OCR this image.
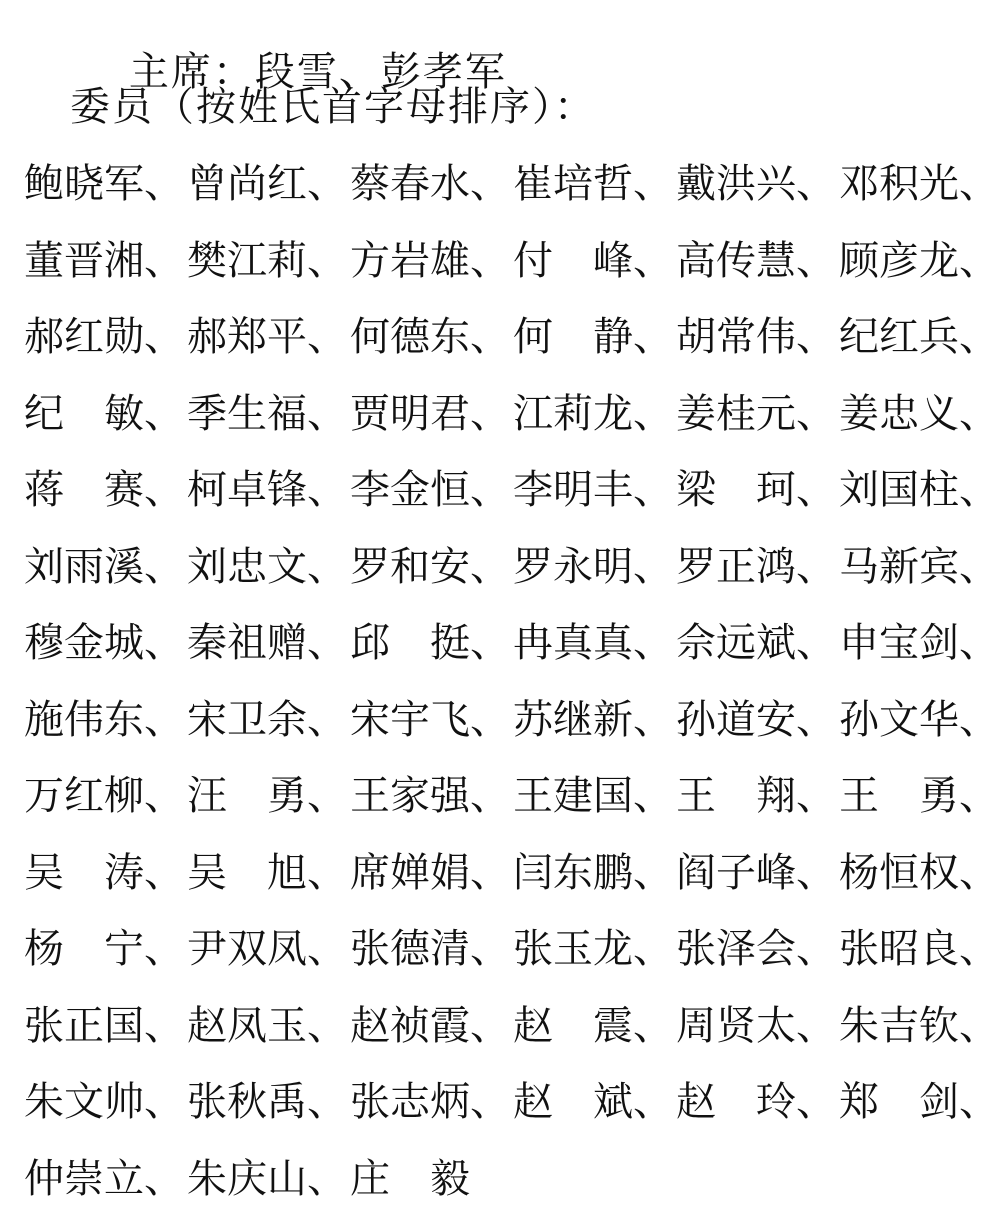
主席：段雪、彭孝军

委员（按姓氏首字母排序）：
鲍晓军 、 曾尚红 、 蔡春水 、 崔培哲 、 戴洪兴 、 邓积光 、
董晋湘 、 樊江莉 、 方岩雄 、 付　峰 、 高传慧 、 顾彦龙 、
郝红勋 、 郝郑平 、 何德东 、 何　静 、 胡常伟 、 纪红兵 、
纪　敏 、 季生福 、 贾明君 、 江莉龙 、 姜桂元 、 姜忠义 、
蒋　赛 、 柯卓锋 、 李金恒 、 李明丰 、 梁　珂 、 刘国柱 、
刘雨溪 、 刘忠文 、 罗和安 、 罗永明 、 罗正鸿 、 马新宾 、
穆金城 、 秦祖赠 、 邱　挺 、 冉真真 、 佘远斌 、 申宝剑 、
施伟东 、 宋卫余 、 宋宇飞 、 苏继新 、 孙道安 、 孙文华 、
万红柳 、 汪　勇 、 王家强 、 王建国 、 王　翔 、 王　勇 、
吴　涛 、 吴　旭 、 席婵娟 、 闫东鹏 、 阎子峰 、 杨恒权 、
杨　宁 、 尹双凤 、 张德清 、 张玉龙 、 张泽会 、 张昭良 、
张正国 、 赵凤玉 、 赵祯霞 、 赵　震 、 周贤太 、 朱吉钦 、
朱文帅 、 张秋禹 、 张志炳 、 赵　斌 、 赵　玲 、 郑　剑 、
仲崇立 、 朱庆山 、 庄　毅
